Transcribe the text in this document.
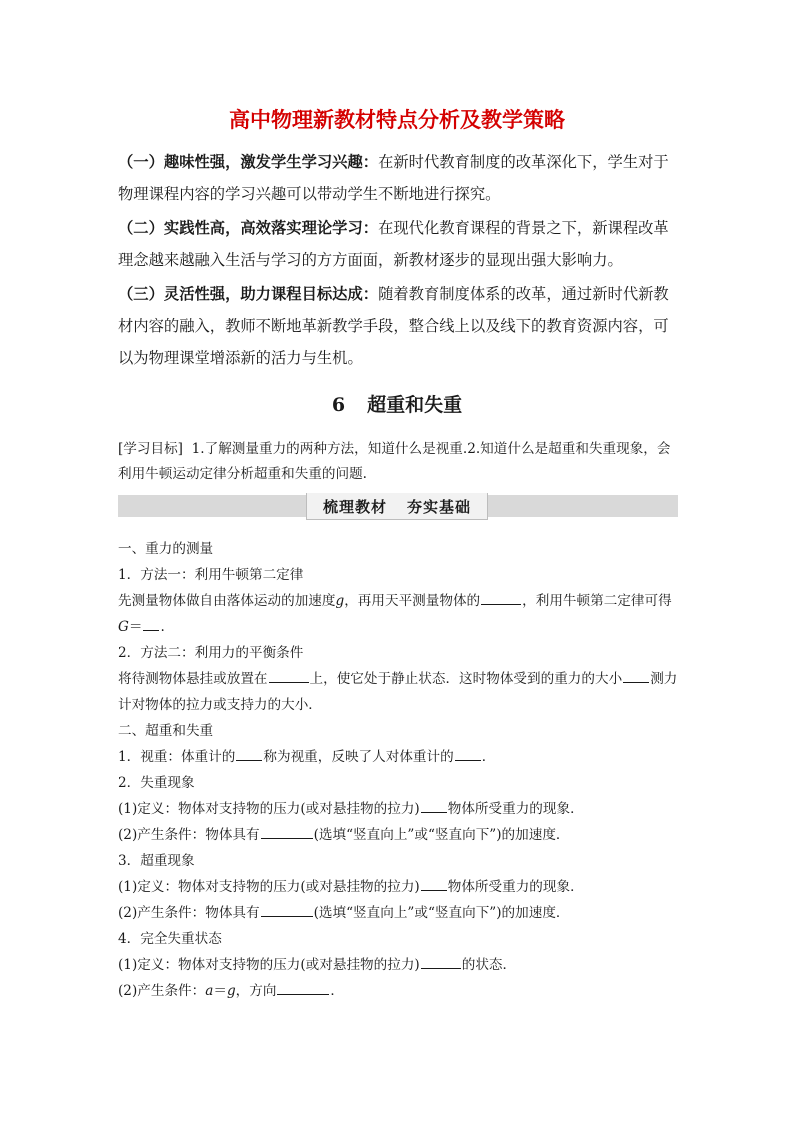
高中物理新教材特点分析及教学策略

（一）趣味性强，激发学生学习兴趣：在新时代教育制度的改革深化下，学生对于物理课程内容的学习兴趣可以带动学生不断地进行探究。

（二）实践性高，高效落实理论学习：在现代化教育课程的背景之下，新课程改革理念越来越融入生活与学习的方方面面，新教材逐步的显现出强大影响力。

（三）灵活性强，助力课程目标达成：随着教育制度体系的改革，通过新时代新教材内容的融入，教师不断地革新教学手段，整合线上以及线下的教育资源内容，可以为物理课堂增添新的活力与生机。

6 超重和失重

[学习目标] 1.了解测量重力的两种方法，知道什么是视重.2.知道什么是超重和失重现象，会利用牛顿运动定律分析超重和失重的问题.

梳理教材 夯实基础

一、重力的测量

1．方法一：利用牛顿第二定律

先测量物体做自由落体运动的加速度g，再用天平测量物体的	，利用牛顿第二定律可得G＝ .

2．方法二：利用力的平衡条件

将待测物体悬挂或放置在	上，使它处于静止状态．这时物体受到的重力的大小 测力计对物体的拉力或支持力的大小．

二、超重和失重

1．视重：体重计的 称为视重，反映了人对体重计的 ．

2．失重现象

(1)定义：物体对支持物的压力(或对悬挂物的拉力) 物体所受重力的现象．

(2)产生条件：物体具有	(选填“竖直向上”或“竖直向下”)的加速度．

3．超重现象

(1)定义：物体对支持物的压力(或对悬挂物的拉力) 物体所受重力的现象．

(2)产生条件：物体具有	(选填“竖直向上”或“竖直向下”)的加速度．

4．完全失重状态

(1)定义：物体对支持物的压力(或对悬挂物的拉力)	的状态．

(2)产生条件：a＝g，方向	．
